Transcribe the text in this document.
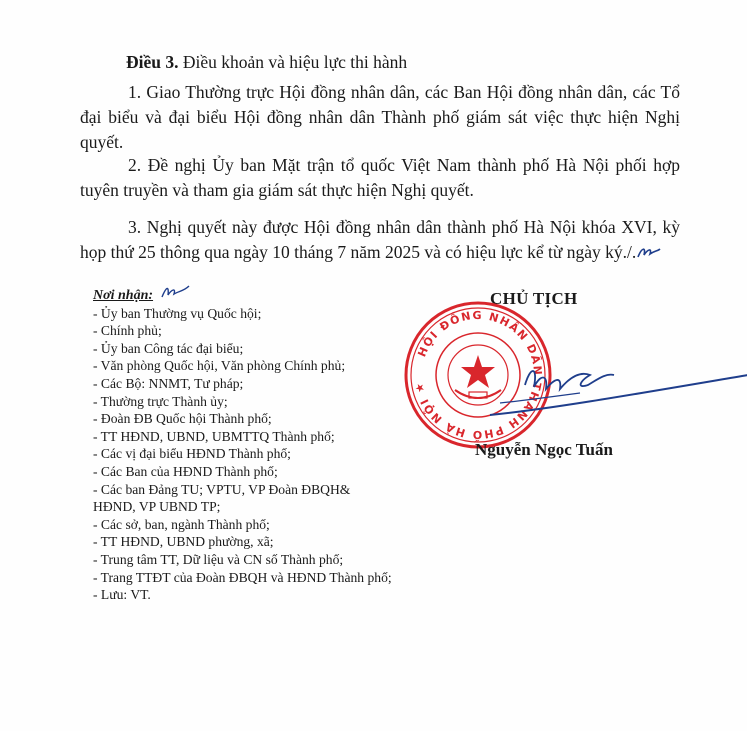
Điều 3. Điều khoản và hiệu lực thi hành

1. Giao Thường trực Hội đồng nhân dân, các Ban Hội đồng nhân dân, các Tổ đại biểu và đại biểu Hội đồng nhân dân Thành phố giám sát việc thực hiện Nghị quyết.

2. Đề nghị Ủy ban Mặt trận tổ quốc Việt Nam thành phố Hà Nội phối hợp tuyên truyền và tham gia giám sát thực hiện Nghị quyết.

3. Nghị quyết này được Hội đồng nhân dân thành phố Hà Nội khóa XVI, kỳ họp thứ 25 thông qua ngày 10 tháng 7 năm 2025 và có hiệu lực kể từ ngày ký./.

Nơi nhận:
- Ủy ban Thường vụ Quốc hội;
- Chính phủ;
- Ủy ban Công tác đại biểu;
- Văn phòng Quốc hội, Văn phòng Chính phủ;
- Các Bộ: NNMT, Tư pháp;
- Thường trực Thành ủy;
- Đoàn ĐB Quốc hội Thành phố;
- TT HĐND, UBND, UBMTTQ Thành phố;
- Các vị đại biểu HĐND Thành phố;
- Các Ban của HĐND Thành phố;
- Các ban Đảng TU; VPTU, VP Đoàn ĐBQH&
HĐND, VP UBND TP;
- Các sở, ban, ngành Thành phố;
- TT HĐND, UBND phường, xã;
- Trung tâm TT, Dữ liệu và CN số Thành phố;
- Trang TTĐT của Đoàn ĐBQH và HĐND Thành phố;
- Lưu: VT.
CHỦ TỊCH
HỘI ĐỒNG NHÂN DÂN THÀNH PHỐ HÀ NỘI ★
Nguyễn Ngọc Tuấn
